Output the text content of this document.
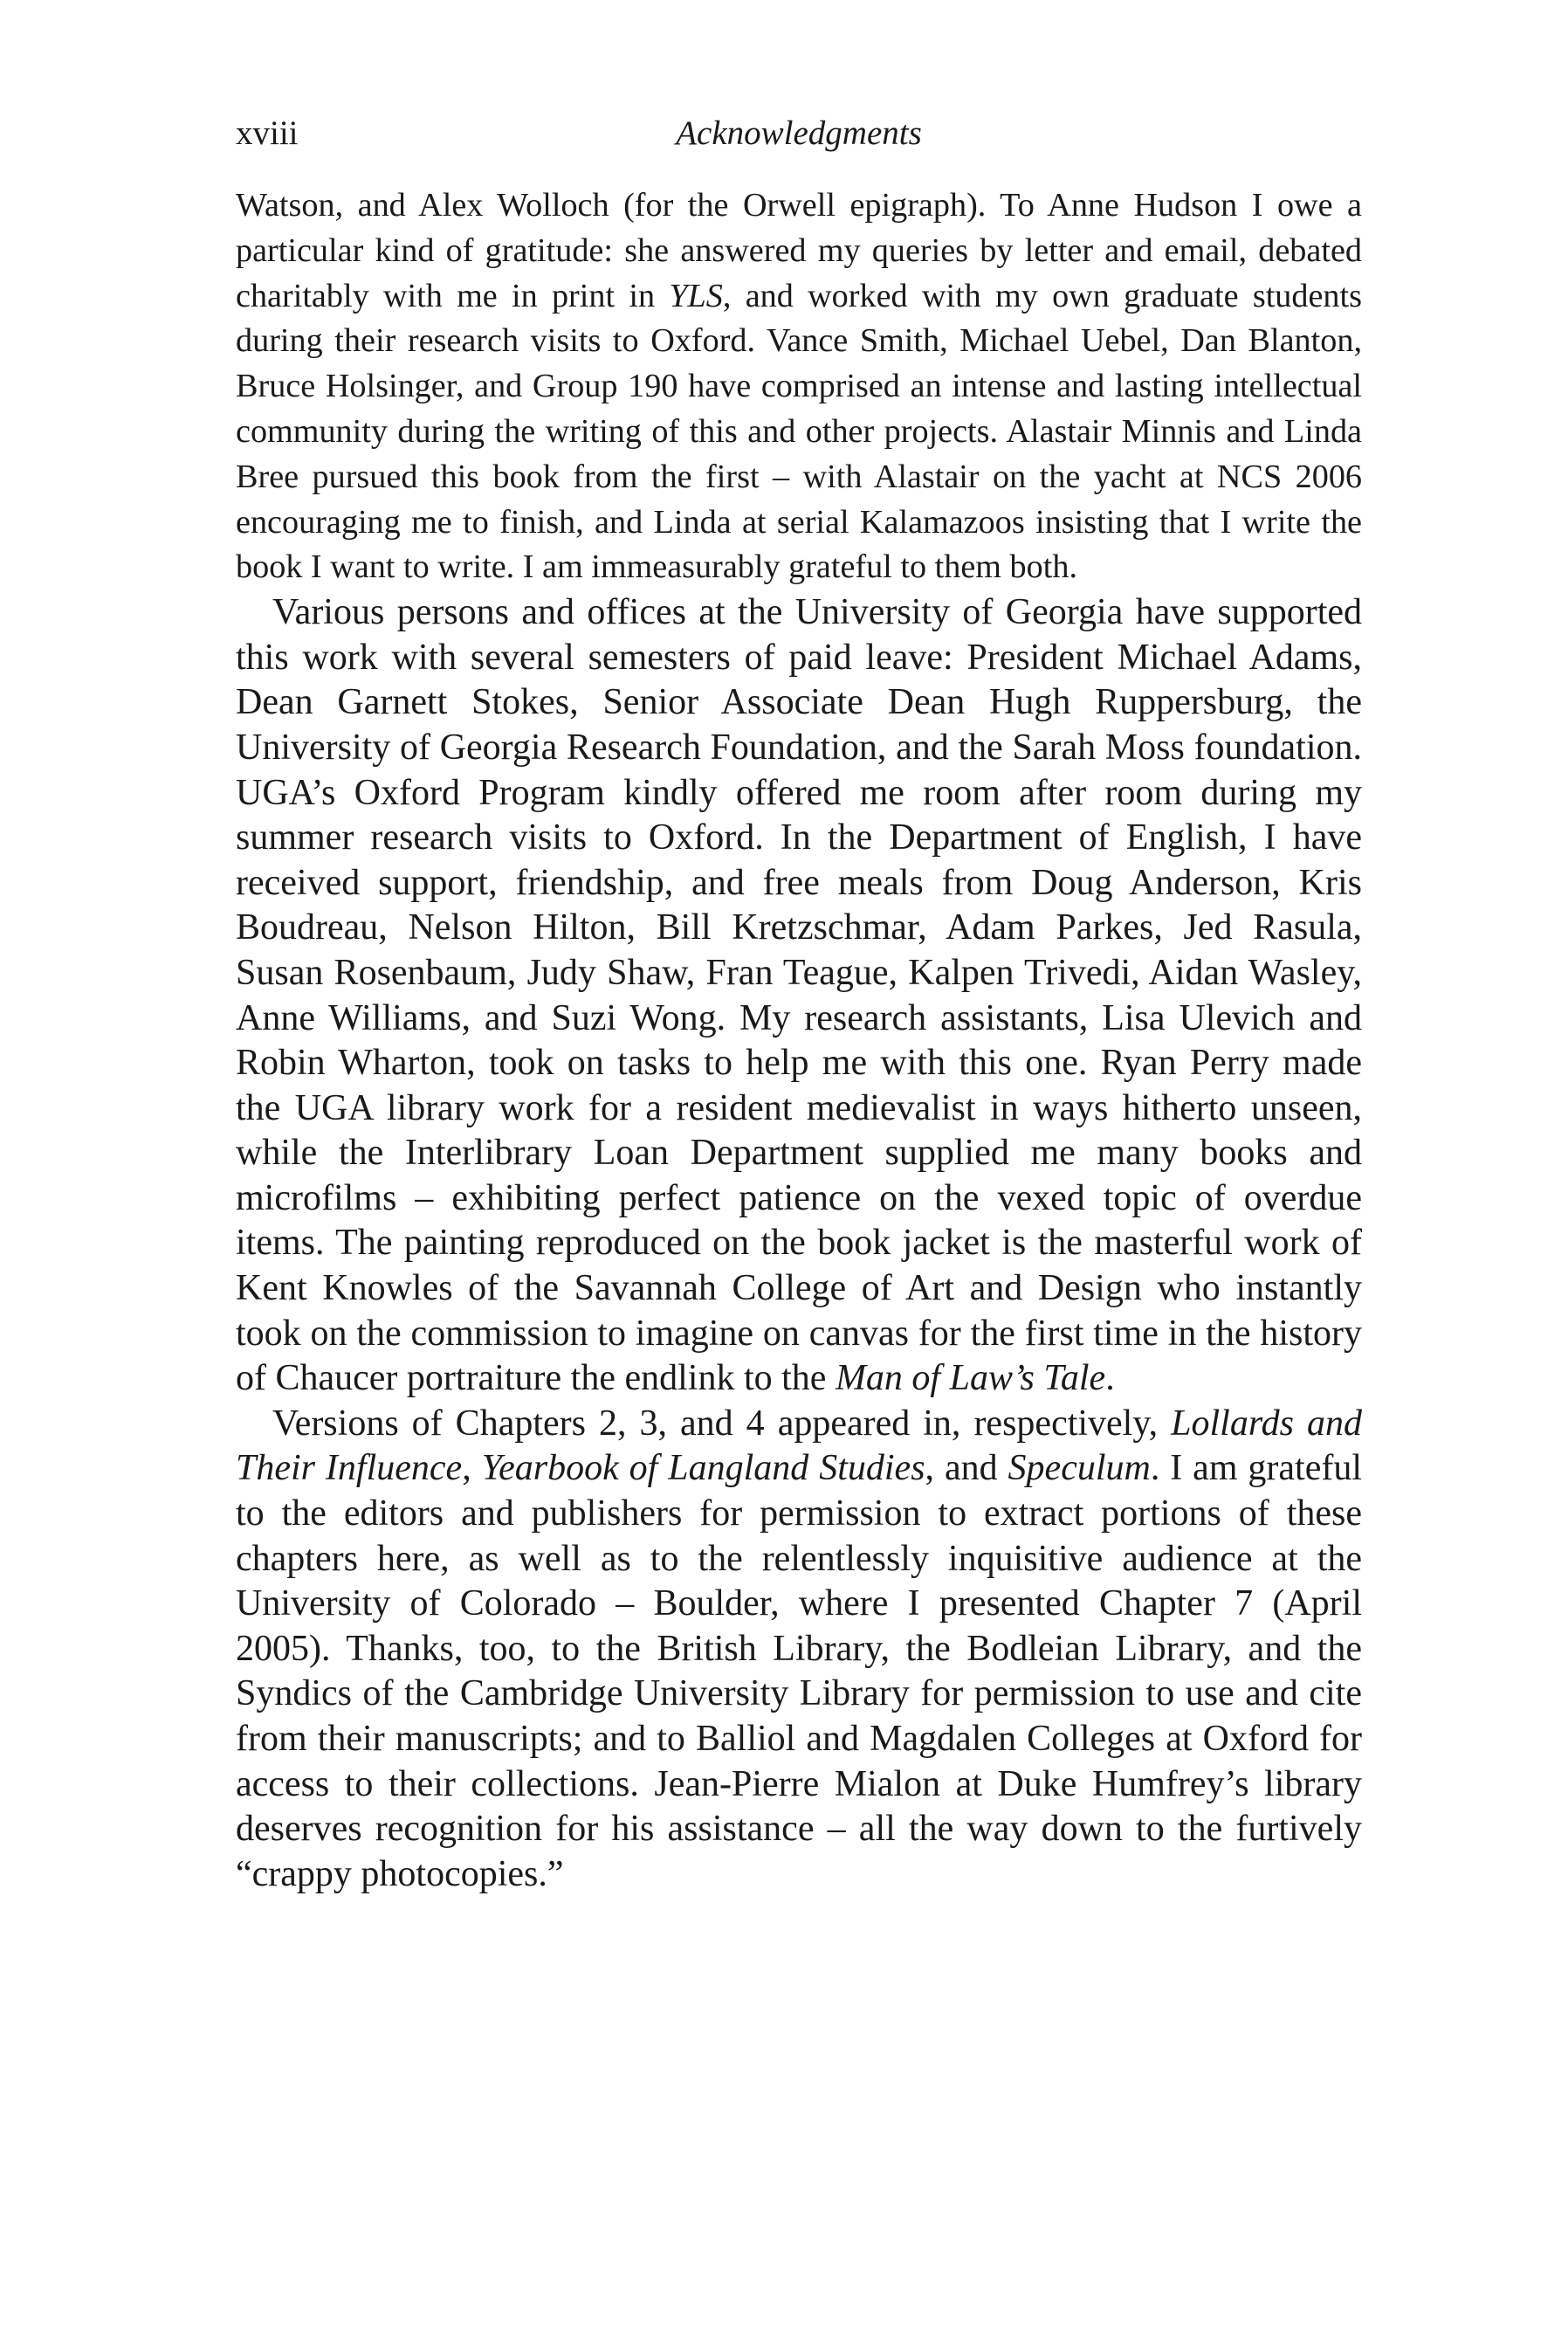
xviii	Acknowledgments

Watson, and Alex Wolloch (for the Orwell epigraph). To Anne Hudson I owe a particular kind of gratitude: she answered my queries by letter and email, debated charitably with me in print in YLS, and worked with my own graduate students during their research visits to Oxford. Vance Smith, Michael Uebel, Dan Blanton, Bruce Holsinger, and Group 190 have comprised an intense and lasting intellectual community during the writing of this and other projects. Alastair Minnis and Linda Bree pursued this book from the first – with Alastair on the yacht at NCS 2006 encouraging me to finish, and Linda at serial Kalamazoos insisting that I write the book I want to write. I am immeasurably grateful to them both.

Various persons and offices at the University of Georgia have supported this work with several semesters of paid leave: President Michael Adams, Dean Garnett Stokes, Senior Associate Dean Hugh Ruppersburg, the University of Georgia Research Foundation, and the Sarah Moss foundation. UGA’s Oxford Program kindly offered me room after room during my summer research visits to Oxford. In the Department of English, I have received support, friendship, and free meals from Doug Anderson, Kris Boudreau, Nelson Hilton, Bill Kretzschmar, Adam Parkes, Jed Rasula, Susan Rosenbaum, Judy Shaw, Fran Teague, Kalpen Trivedi, Aidan Wasley, Anne Williams, and Suzi Wong. My research assistants, Lisa Ulevich and Robin Wharton, took on tasks to help me with this one. Ryan Perry made the UGA library work for a resident medievalist in ways hitherto unseen, while the Interlibrary Loan Department supplied me many books and microfilms – exhibiting perfect patience on the vexed topic of overdue items. The painting reproduced on the book jacket is the masterful work of Kent Knowles of the Savannah College of Art and Design who instantly took on the commission to imagine on canvas for the first time in the history of Chaucer portraiture the endlink to the Man of Law’s Tale.

Versions of Chapters 2, 3, and 4 appeared in, respectively, Lollards and Their Influence, Yearbook of Langland Studies, and Speculum. I am grateful to the editors and publishers for permission to extract portions of these chapters here, as well as to the relentlessly inquisitive audience at the University of Colorado – Boulder, where I presented Chapter 7 (April 2005). Thanks, too, to the British Library, the Bodleian Library, and the Syndics of the Cambridge University Library for permission to use and cite from their manuscripts; and to Balliol and Magdalen Colleges at Oxford for access to their collections. Jean-Pierre Mialon at Duke Humfrey’s library deserves recognition for his assistance – all the way down to the furtively “crappy photocopies.”
